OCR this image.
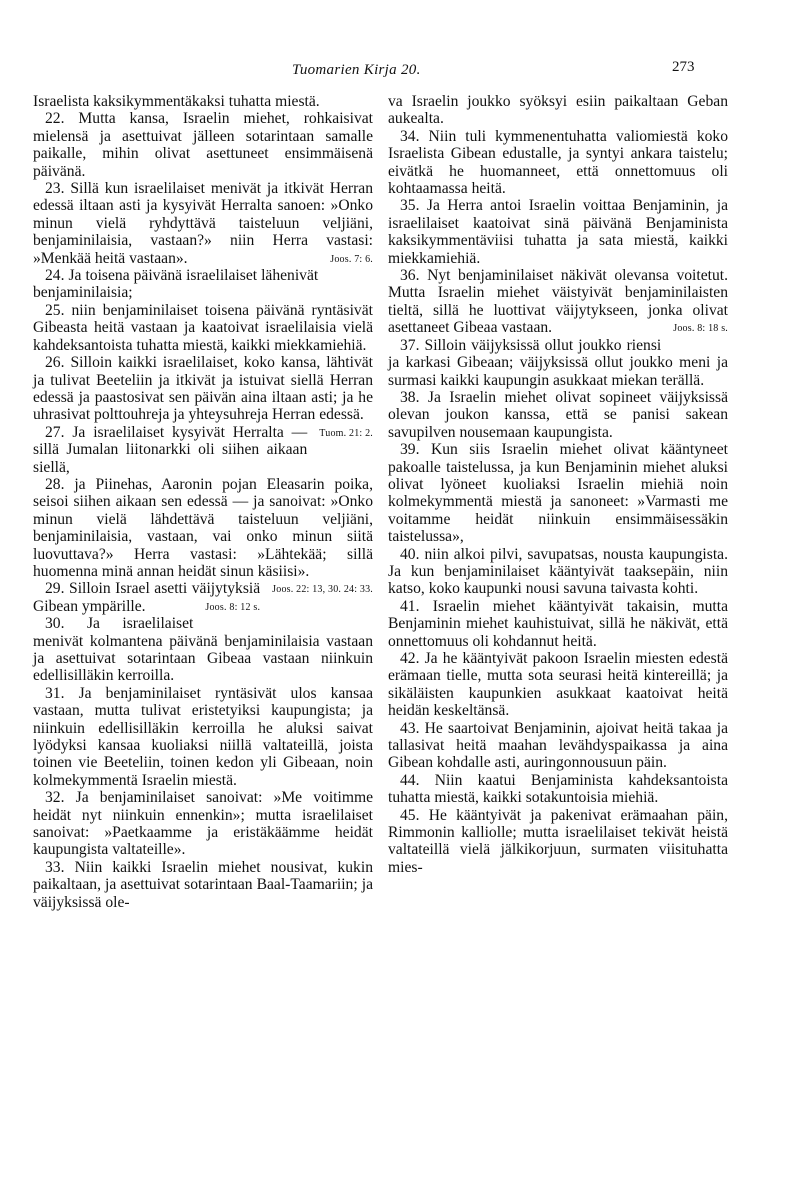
Tuomarien Kirja 20.	273

Israelista kaksikymmentäkaksi tuhatta miestä.

22. Mutta kansa, Israelin miehet, rohkaisivat mielensä ja asettuivat jälleen sotarintaan samalle paikalle, mihin olivat asettuneet ensimmäisenä päivänä.

23. Sillä kun israelilaiset menivät ja itkivät Herran edessä iltaan asti ja kysyivät Herralta sanoen: »Onko minun vielä ryhdyttävä taisteluun veljiäni, benjaminilaisia, vastaan?» niin Herra vastasi: »Menkää heitä vastaan».	Joos. 7: 6.

24. Ja toisena päivänä israelilaiset lähenivät benjaminilaisia;

25. niin benjaminilaiset toisena päivänä ryntäsivät Gibeasta heitä vastaan ja kaatoivat israelilaisia vielä kahdeksantoista tuhatta miestä, kaikki miekkamiehiä.

26. Silloin kaikki israelilaiset, koko kansa, lähtivät ja tulivat Beeteliin ja itkivät ja istuivat siellä Herran edessä ja paastosivat sen päivän aina iltaan asti; ja he uhrasivat polttouhreja ja yhteysuhreja Herran edessä.
Tuom. 21: 2.

27. Ja israelilaiset kysyivät Herralta — sillä Jumalan liitonarkki oli siihen aikaan siellä,

28. ja Piinehas, Aaronin pojan Eleasarin poika, seisoi siihen aikaan sen edessä — ja sanoivat: »Onko minun vielä lähdettävä taisteluun veljiäni, benjaminilaisia, vastaan, vai onko minun siitä luovuttava?» Herra vastasi: »Lähtekää; sillä huomenna minä annan heidät sinun käsiisi».
Joos. 22: 13, 30. 24: 33.

29. Silloin Israel asetti väijytyksiä Gibean ympärille.	Joos. 8: 12 s.

30. Ja israelilaiset menivät kolmantena päivänä benjaminilaisia vastaan ja asettuivat sotarintaan Gibeaa vastaan niinkuin edellisilläkin kerroilla.

31. Ja benjaminilaiset ryntäsivät ulos kansaa vastaan, mutta tulivat eristetyiksi kaupungista; ja niinkuin edellisilläkin kerroilla he aluksi saivat lyödyksi kansaa kuoliaksi niillä valtateillä, joista toinen vie Beeteliin, toinen kedon yli Gibeaan, noin kolmekymmentä Israelin miestä.

32. Ja benjaminilaiset sanoivat: »Me voitimme heidät nyt niinkuin ennenkin»; mutta israelilaiset sanoivat: »Paetkaamme ja eristäkäämme heidät kaupungista valtateille».

33. Niin kaikki Israelin miehet nousivat, kukin paikaltaan, ja asettuivat sotarintaan Baal-Taamariin; ja väijyksissä ole-

va Israelin joukko syöksyi esiin paikaltaan Geban aukealta.

34. Niin tuli kymmenentuhatta valiomiestä koko Israelista Gibean edustalle, ja syntyi ankara taistelu; eivätkä he huomanneet, että onnettomuus oli kohtaamassa heitä.

35. Ja Herra antoi Israelin voittaa Benjaminin, ja israelilaiset kaatoivat sinä päivänä Benjaminista kaksikymmentäviisi tuhatta ja sata miestä, kaikki miekkamiehiä.

36. Nyt benjaminilaiset näkivät olevansa voitetut. Mutta Israelin miehet väistyivät benjaminilaisten tieltä, sillä he luottivat väijytykseen, jonka olivat asettaneet Gibeaa vastaan.	Joos. 8: 18 s.

37. Silloin väijyksissä ollut joukko riensi ja karkasi Gibeaan; väijyksissä ollut joukko meni ja surmasi kaikki kaupungin asukkaat miekan terällä.

38. Ja Israelin miehet olivat sopineet väijyksissä olevan joukon kanssa, että se panisi sakean savupilven nousemaan kaupungista.

39. Kun siis Israelin miehet olivat kääntyneet pakoalle taistelussa, ja kun Benjaminin miehet aluksi olivat lyöneet kuoliaksi Israelin miehiä noin kolmekymmentä miestä ja sanoneet: »Varmasti me voitamme heidät niinkuin ensimmäisessäkin taistelussa»,

40. niin alkoi pilvi, savupatsas, nousta kaupungista. Ja kun benjaminilaiset kääntyivät taaksepäin, niin katso, koko kaupunki nousi savuna taivasta kohti.

41. Israelin miehet kääntyivät takaisin, mutta Benjaminin miehet kauhistuivat, sillä he näkivät, että onnettomuus oli kohdannut heitä.

42. Ja he kääntyivät pakoon Israelin miesten edestä erämaan tielle, mutta sota seurasi heitä kintereillä; ja sikäläisten kaupunkien asukkaat kaatoivat heitä heidän keskeltänsä.

43. He saartoivat Benjaminin, ajoivat heitä takaa ja tallasivat heitä maahan levähdyspaikassa ja aina Gibean kohdalle asti, auringonnousuun päin.

44. Niin kaatui Benjaminista kahdeksantoista tuhatta miestä, kaikki sotakuntoisia miehiä.

45. He kääntyivät ja pakenivat erämaahan päin, Rimmonin kalliolle; mutta israelilaiset tekivät heistä valtateillä vielä jälkikorjuun, surmaten viisituhatta mies-
